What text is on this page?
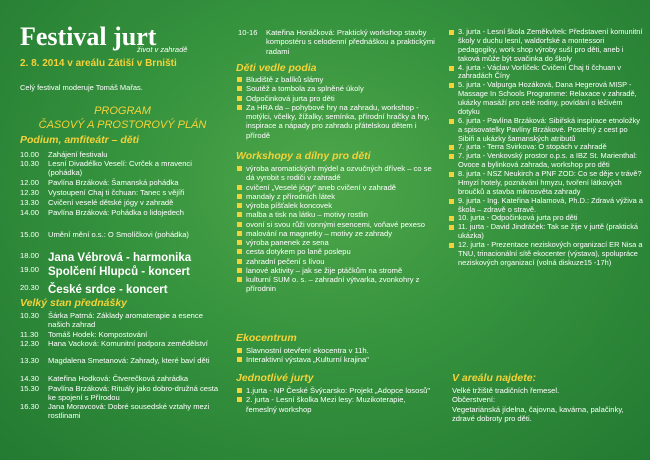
Festival jurt
život v zahradě
2. 8. 2014 v areálu Zátiší v Brništi
Celý festival moderuje Tomáš Mařas.
PROGRAM
ČASOVÝ A PROSTOROVÝ PLÁN
Podium, amfiteátr – děti
10.00	Zahájení festivalu
10.30	Lesní Divadélko Veselí: Cvrček a mravenci (pohádka)
12.00	Pavlína Brzáková: Šamanská pohádka
12.30	Vystoupení Chaj ti čchuan: Tanec s vějíři
13.30	Cvičení veselé dětské jógy v zahradě
14.00	Pavlína Brzáková: Pohádka o lidojedech
15.00	Umění mění o.s.: O Smolíčkovi (pohádka)
18.00 Jana Vébrová - harmonika
19.00 Spolčení Hlupců - koncert
20.30 České srdce - koncert
Velký stan přednášky
10.30	Šárka Patrná: Základy aromaterapie a esence našich zahrad
11.30	Tomáš Hodek: Kompostování
12.30	Hana Vacková: Komunitní podpora zemědělství
13.30	Magdalena Smetanová: Zahrady, které baví děti
14.30	Kateřina Hodková: Čtverečková zahrádka
15.30	Pavlína Brzáková: Rituály jako dobro-družná cesta ke spojení s Přírodou
16.30	Jana Moravcová: Dobré sousedské vztahy mezi rostlinami
10-16	Kateřina Horáčková: Praktický workshop stavby kompostéru s celodenní přednáškou a praktickými radami
Děti vedle podia
Bludiště z balíků slámy
Soutěž a tombola za splněné úkoly
Odpočinková jurta pro děti
Za HRA da – pohybové hry na zahradu, workshop - motýlci, včelky, žížalky, semínka, přírodní hračky a hry, inspirace a nápady pro zahradu přátelskou dětem i přírodě
Workshopy a dílny pro děti
výroba aromatických mýdel a ozvučných dřívek – co se dá vyrobit s rodiči v zahradě
cvičení „Veselé jógy" aneb cvičení v zahradě
mandaly z přírodních látek
výroba píšťalek koncovek
malba a tisk na látku – motivy rostlin
ovoní si svou růži vonnými esencemi, voňavé pexeso
malování na magnetky – motivy ze zahrady
výroba panenek ze sena
cesta dotykem po laně poslepu
zahradní pečení s lívou
lanové aktivity – jak se žije ptáčkům na stromě
kulturní SUM o. s. – zahradní výtvarka, zvonkohry z přírodnin
Ekocentrum
Slavnostní otevření ekocentra v 11h.
Interaktivní výstava „Kulturní krajina"
Jednotlivé jurty
1.jurta - NP České Švýcarsko: Projekt „Adopce lososů"
2. jurta - Lesní školka Mezi lesy: Muzikoterapie, řemeslný workshop
3. jurta - Lesní škola Zeměkvítek: Představení komunitní školy v duchu lesní, waldorfské a montessori pedagogiky, work shop výroby suší pro děti, aneb i taková může být svačinka do školy
4. jurta - Václav Vorlíček: Cvičení Chaj ti čchuan v zahradách Číny
5. jurta - Valpurga Hozáková, Dana Hegerová MISP - Massage In Schools Programme: Relaxace v zahradě, ukázky masáží pro celé rodiny, povídání o léčivém dotyku
6. jurta - Pavlína Brzáková: Sibiřská inspirace etnoložky a spisovatelky Pavlíny Brzákové. Postelný z cest po Sibiři a ukázky šamanských atributů
7. jurta - Terra Svirkova: O stopách v zahradě
7. jurta - Venkovský prostor o.p.s. a IBZ St. Marienthal: Ovoce a bylinková zahrada, workshop pro děti
8. jurta - NSZ Neukirch a PNF ZOD: Co se děje v trávě? Hmyzí hotely, poznávání hmyzu, tvoření látkových broučků a stavba mikrosvěta zahrady
9. jurta - Ing. Kateřina Halamová, Ph.D.: Zdravá výživa a škola – zdravě o stravě.
10. jurta - Odpočinková jurta pro děti
11. jurta - David Jindráček: Tak se žije v jurtě (praktická ukázka)
12. jurta - Prezentace neziskových organizací ER Nisa a TNU, trinacionální sítě ekocenter (výstava), spolupráce neziskových organizací (volná diskuze15 -17h)
V areálu najdete:
Velké tržiště tradičních řemesel.
Občerstvení:
Vegetariánská jídelna, čajovna, kavárna, palačinky, zdravé dobroty pro děti.
